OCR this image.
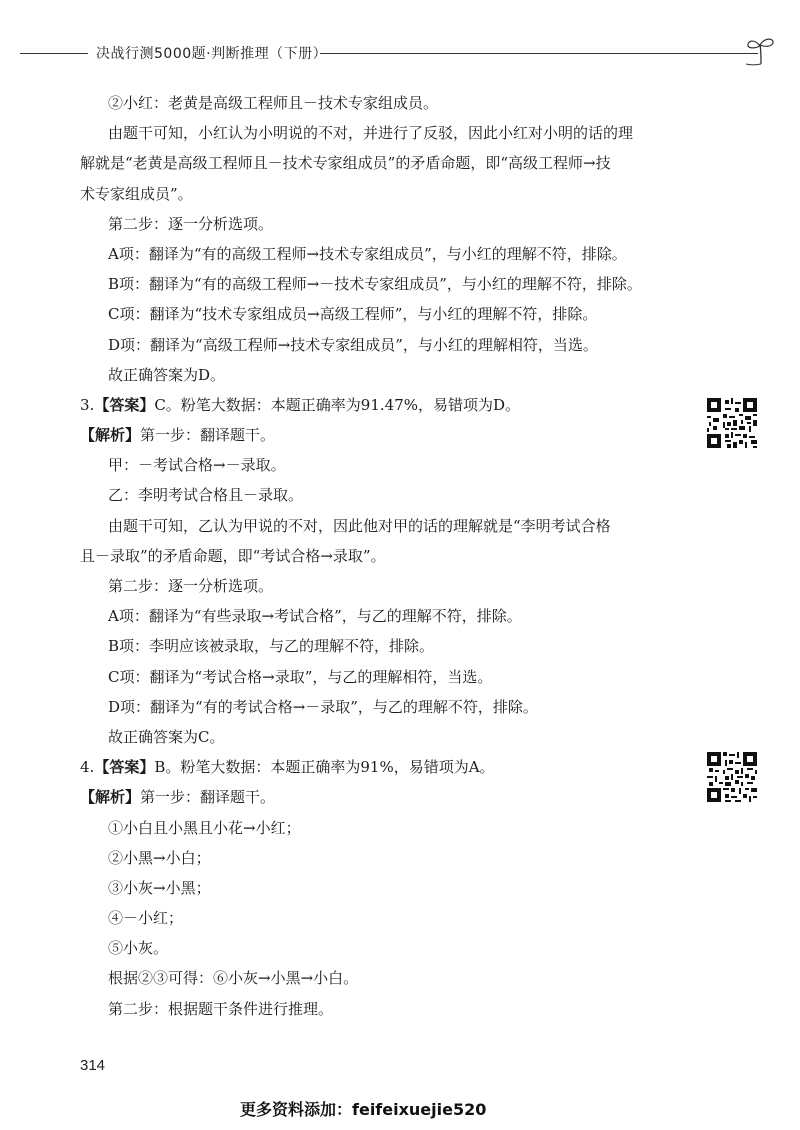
决战行测5000题·判断推理（下册）
②小红：老黄是高级工程师且－技术专家组成员。
由题干可知，小红认为小明说的不对，并进行了反驳，因此小红对小明的话的理
解就是“老黄是高级工程师且－技术专家组成员”的矛盾命题，即“高级工程师→技
术专家组成员”。
第二步：逐一分析选项。
A项：翻译为“有的高级工程师→技术专家组成员”，与小红的理解不符，排除。
B项：翻译为“有的高级工程师→－技术专家组成员”，与小红的理解不符，排除。
C项：翻译为“技术专家组成员→高级工程师”，与小红的理解不符，排除。
D项：翻译为“高级工程师→技术专家组成员”，与小红的理解相符，当选。
故正确答案为D。
3.【答案】C。粉笔大数据：本题正确率为91.47%，易错项为D。
【解析】第一步：翻译题干。
甲：－考试合格→－录取。
乙：李明考试合格且－录取。
由题干可知，乙认为甲说的不对，因此他对甲的话的理解就是“李明考试合格
且－录取”的矛盾命题，即“考试合格→录取”。
第二步：逐一分析选项。
A项：翻译为“有些录取→考试合格”，与乙的理解不符，排除。
B项：李明应该被录取，与乙的理解不符，排除。
C项：翻译为“考试合格→录取”，与乙的理解相符，当选。
D项：翻译为“有的考试合格→－录取”，与乙的理解不符，排除。
故正确答案为C。
4.【答案】B。粉笔大数据：本题正确率为91%，易错项为A。
【解析】第一步：翻译题干。
①小白且小黑且小花→小红；
②小黑→小白；
③小灰→小黑；
④－小红；
⑤小灰。
根据②③可得：⑥小灰→小黑→小白。
第二步：根据题干条件进行推理。
314
更多资料添加：feifeixuejie520
